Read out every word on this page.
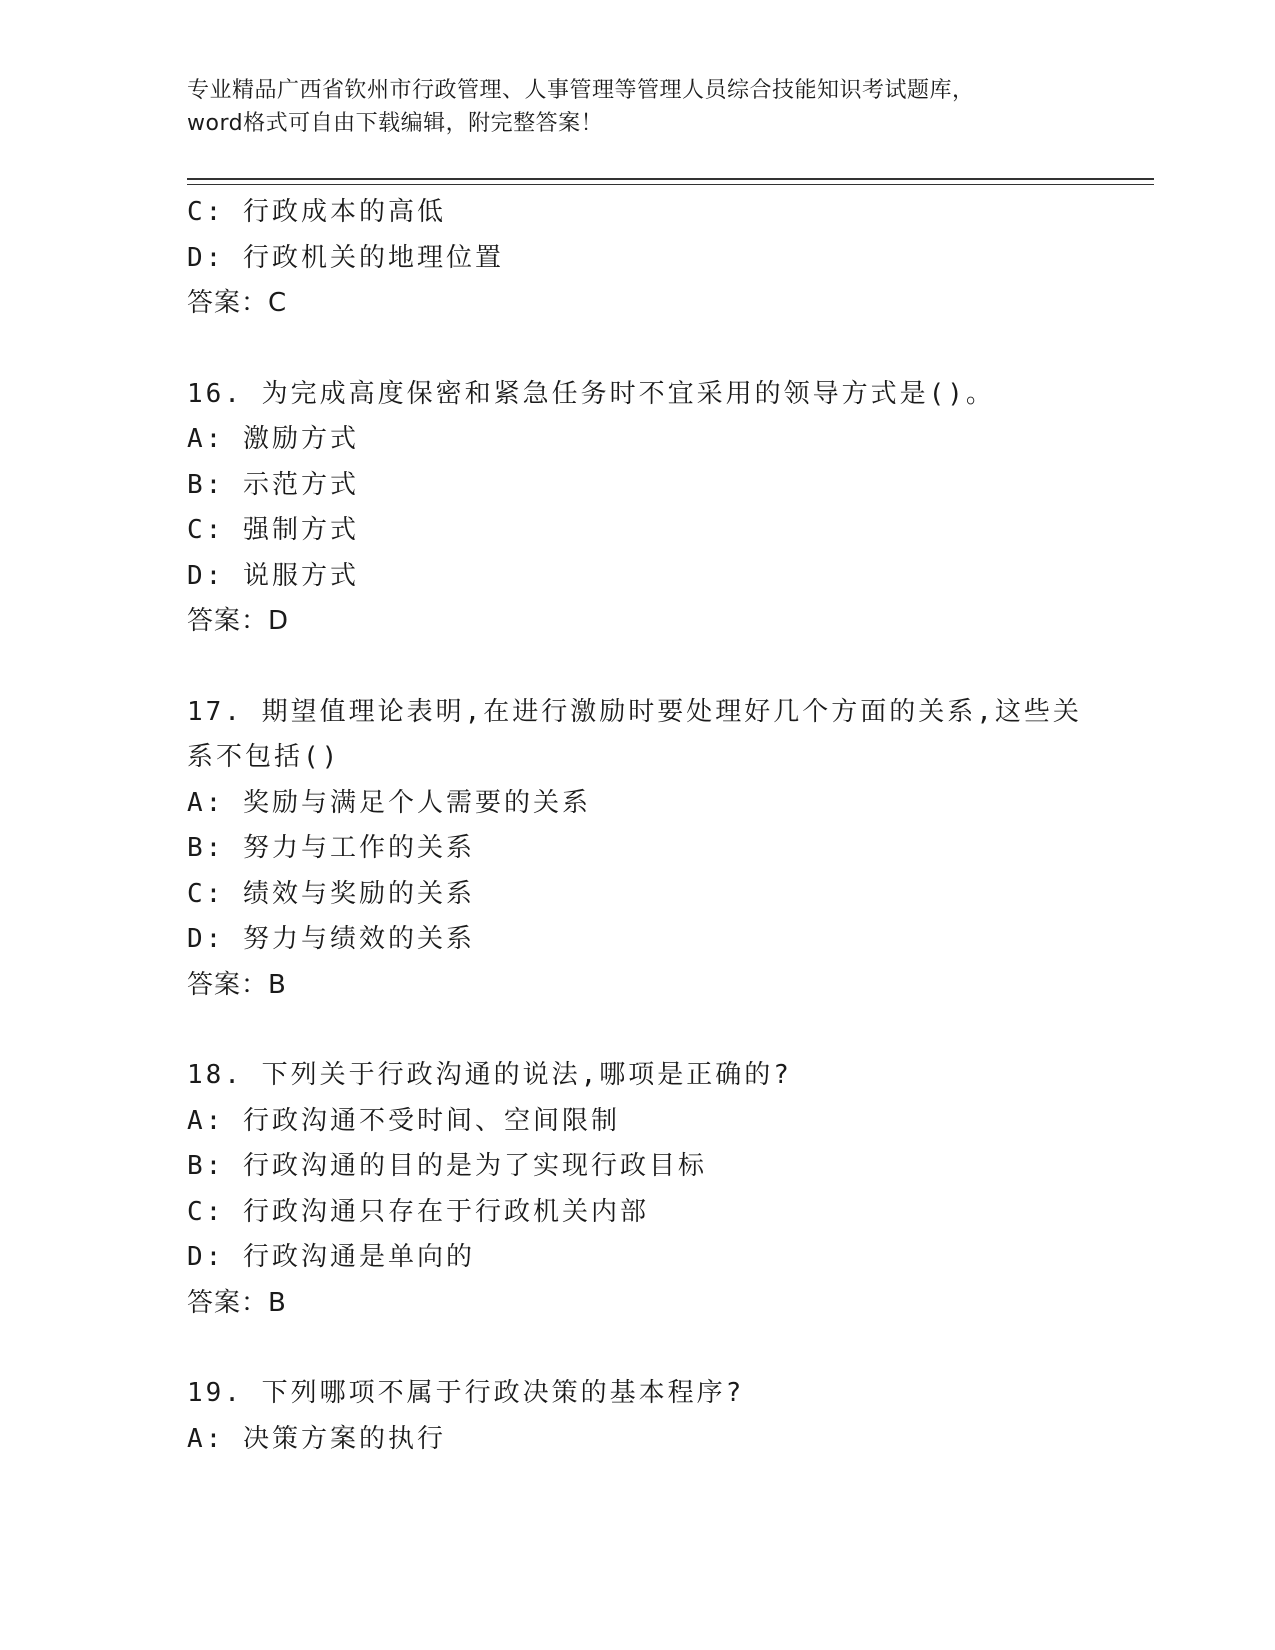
专业精品广西省钦州市行政管理、人事管理等管理人员综合技能知识考试题库，
word格式可自由下载编辑，附完整答案！
C: 行政成本的高低
D: 行政机关的地理位置
答案：C
16. 为完成高度保密和紧急任务时不宜采用的领导方式是()。
A: 激励方式
B: 示范方式
C: 强制方式
D: 说服方式
答案：D
17. 期望值理论表明,在进行激励时要处理好几个方面的关系,这些关
系不包括()
A: 奖励与满足个人需要的关系
B: 努力与工作的关系
C: 绩效与奖励的关系
D: 努力与绩效的关系
答案：B
18. 下列关于行政沟通的说法,哪项是正确的?
A: 行政沟通不受时间、空间限制
B: 行政沟通的目的是为了实现行政目标
C: 行政沟通只存在于行政机关内部
D: 行政沟通是单向的
答案：B
19. 下列哪项不属于行政决策的基本程序?
A: 决策方案的执行
